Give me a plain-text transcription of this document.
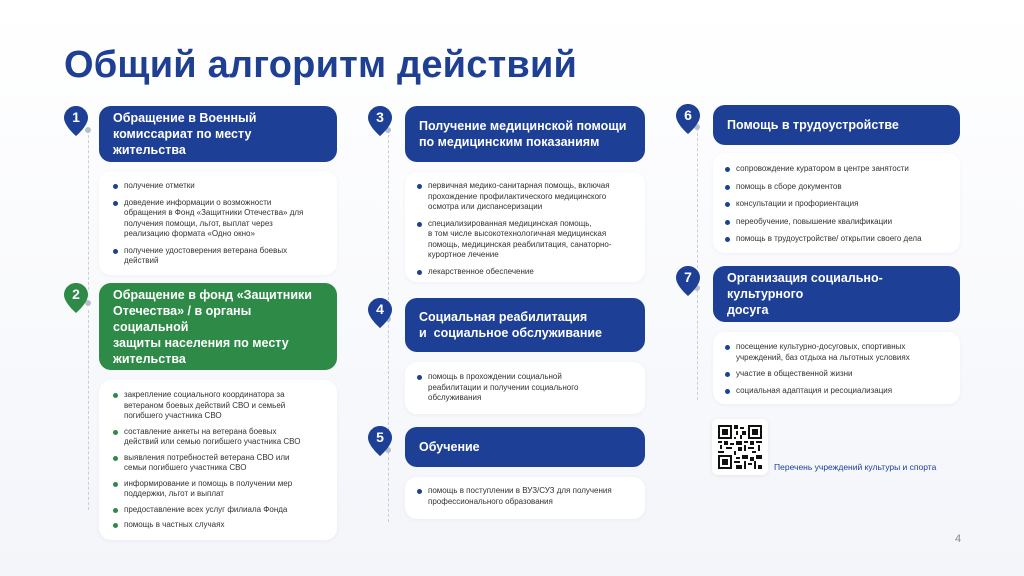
Общий алгоритм действий
1
2
3
4
5
6
7
Обращение в Военный
комиссариат по месту жительства
получение отметки
доведение информации о возможности
обращения в Фонд «Защитники Отечества» для
получения помощи, льгот, выплат через
реализацию формата «Одно окно»
получение удостоверения ветерана боевых
действий
Обращение в фонд «Защитники
Отечества» / в органы социальной
защиты населения по месту
жительства
закрепление социального координатора за
ветераном боевых действий СВО и семьей
погибшего участника СВО
составление анкеты на ветерана боевых
действий или семью погибшего участника СВО
выявления потребностей ветерана СВО или
семьи погибшего участника СВО
информирование и помощь в получении мер
поддержки, льгот и выплат
предоставление всех услуг филиала Фонда
помощь в частных случаях
Получение медицинской помощи
по медицинским показаниям
первичная медико-санитарная помощь, включая
прохождение профилактического медицинского
осмотра или диспансеризации
специализированная медицинская помощь,
в том числе высокотехнологичная медицинская
помощь, медицинская реабилитация, санаторно-
курортное лечение
лекарственное обеспечение
Социальная реабилитация
и  социальное обслуживание
помощь в прохождении социальной
реабилитации и получении социального
обслуживания
Обучение
помощь в поступлении в ВУЗ/СУЗ для получения
профессионального образования
Помощь в трудоустройстве
сопровождение куратором в центре занятости
помощь в сборе документов
консультации и профориентация
переобучение, повышение квалификации
помощь в трудоустройстве/ открытии своего дела
Организация социально-культурного
досуга
посещение культурно-досуговых, спортивных
учреждений, баз отдыха на льготных условиях
участие в общественной жизни
социальная адаптация и ресоциализация
Перечень учреждений культуры и спорта
4
